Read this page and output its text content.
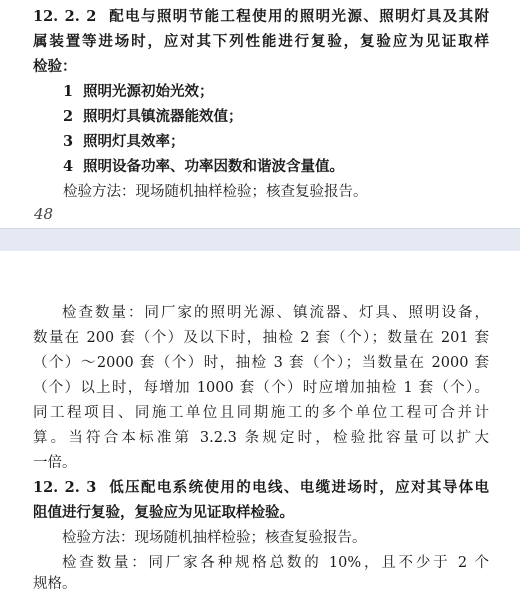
12. 2. 2 配电与照明节能工程使用的照明光源、照明灯具及其附
属装置等进场时，应对其下列性能进行复验，复验应为见证取样
检验：
1 照明光源初始光效；
2 照明灯具镇流器能效值；
3 照明灯具效率；
4 照明设备功率、功率因数和谐波含量值。
检验方法：现场随机抽样检验；核查复验报告。
48
检查数量：同厂家的照明光源、镇流器、灯具、照明设备，
数量在 200 套（个）及以下时，抽检 2 套（个）；数量在 201 套
（个）～2000 套（个）时，抽检 3 套（个）；当数量在 2000 套
（个）以上时，每增加 1000 套（个）时应增加抽检 1 套（个）。
同工程项目、同施工单位且同期施工的多个单位工程可合并计
算。当符合本标准第 3.2.3 条规定时，检验批容量可以扩大
一倍。
12. 2. 3 低压配电系统使用的电线、电缆进场时，应对其导体电
阻值进行复验，复验应为见证取样检验。
检验方法：现场随机抽样检验；核查复验报告。
检查数量：同厂家各种规格总数的 10%，且不少于 2 个
规格。
